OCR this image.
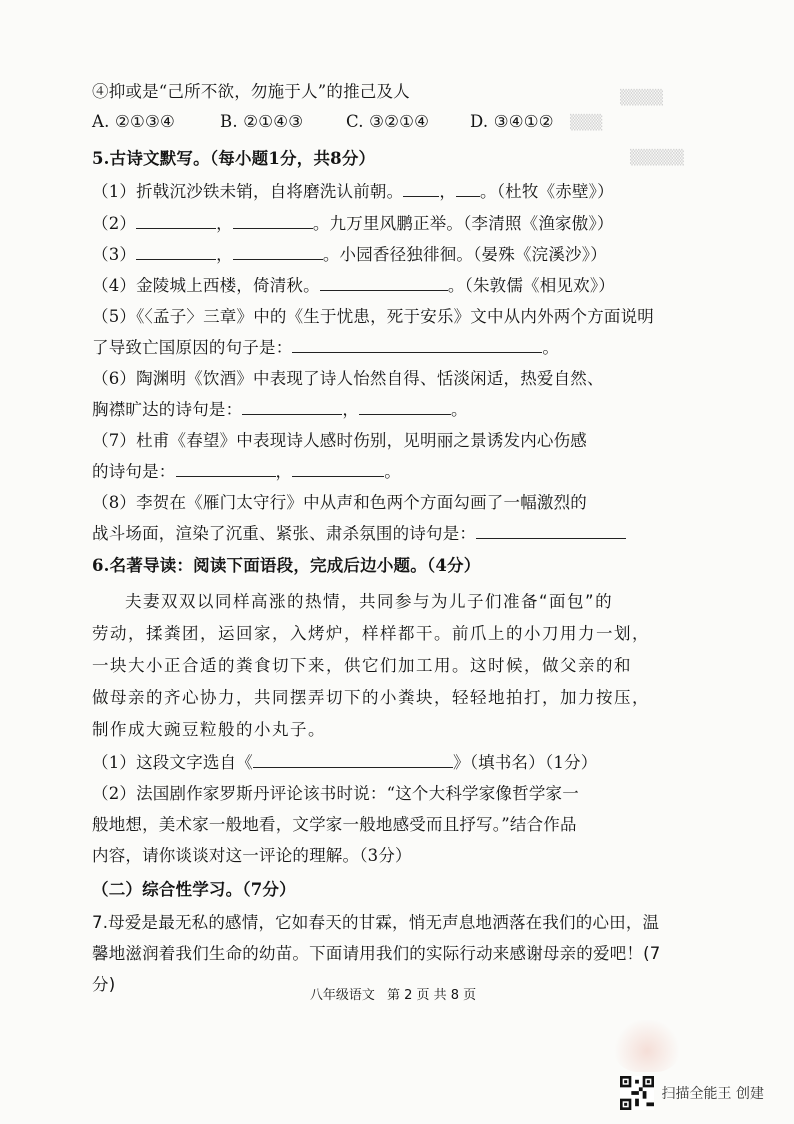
▒▒▒▒
▒▒▒
▒▒▒▒▒
④抑或是“己所不欲，勿施于人”的推己及人
A. ②①③④	B. ②①④③	C. ③②①④ D. ③④①②
5.古诗文默写。（每小题1分，共8分）
（1）折戟沉沙铁未销，自将磨洗认前朝。 ， 。（杜牧《赤壁》）
（2）	，	。九万里风鹏正举。（李清照《渔家傲》）
（3）	，	。小园香径独徘徊。（晏殊《浣溪沙》）
（4）金陵城上西楼，倚清秋。	。（朱敦儒《相见欢》）
（5）《〈孟子〉三章》中的《生于忧患，死于安乐》文中从内外两个方面说明
了导致亡国原因的句子是：	。
（6）陶渊明《饮酒》中表现了诗人怡然自得、恬淡闲适，热爱自然、
胸襟旷达的诗句是：	，	。
（7）杜甫《春望》中表现诗人感时伤别，见明丽之景诱发内心伤感
的诗句是：	，	。
（8）李贺在《雁门太守行》中从声和色两个方面勾画了一幅激烈的
战斗场面，渲染了沉重、紧张、肃杀氛围的诗句是：
6.名著导读：阅读下面语段，完成后边小题。（4分）
夫妻双双以同样高涨的热情，共同参与为儿子们准备“面包”的
劳动，揉粪团，运回家，入烤炉，样样都干。前爪上的小刀用力一划，
一块大小正合适的粪食切下来，供它们加工用。这时候，做父亲的和
做母亲的齐心协力，共同摆弄切下的小粪块，轻轻地拍打，加力按压，
制作成大豌豆粒般的小丸子。
（1）这段文字选自《	》（填书名）（1分）
（2）法国剧作家罗斯丹评论该书时说：“这个大科学家像哲学家一
般地想，美术家一般地看，文学家一般地感受而且抒写。”结合作品
内容，请你谈谈对这一评论的理解。（3分）
（二）综合性学习。（7分）
7.母爱是最无私的感情，它如春天的甘霖，悄无声息地洒落在我们的心田，温
馨地滋润着我们生命的幼苗。下面请用我们的实际行动来感谢母亲的爱吧！(7
分)
八年级语文 第 2 页 共 8 页
扫描全能王 创建
